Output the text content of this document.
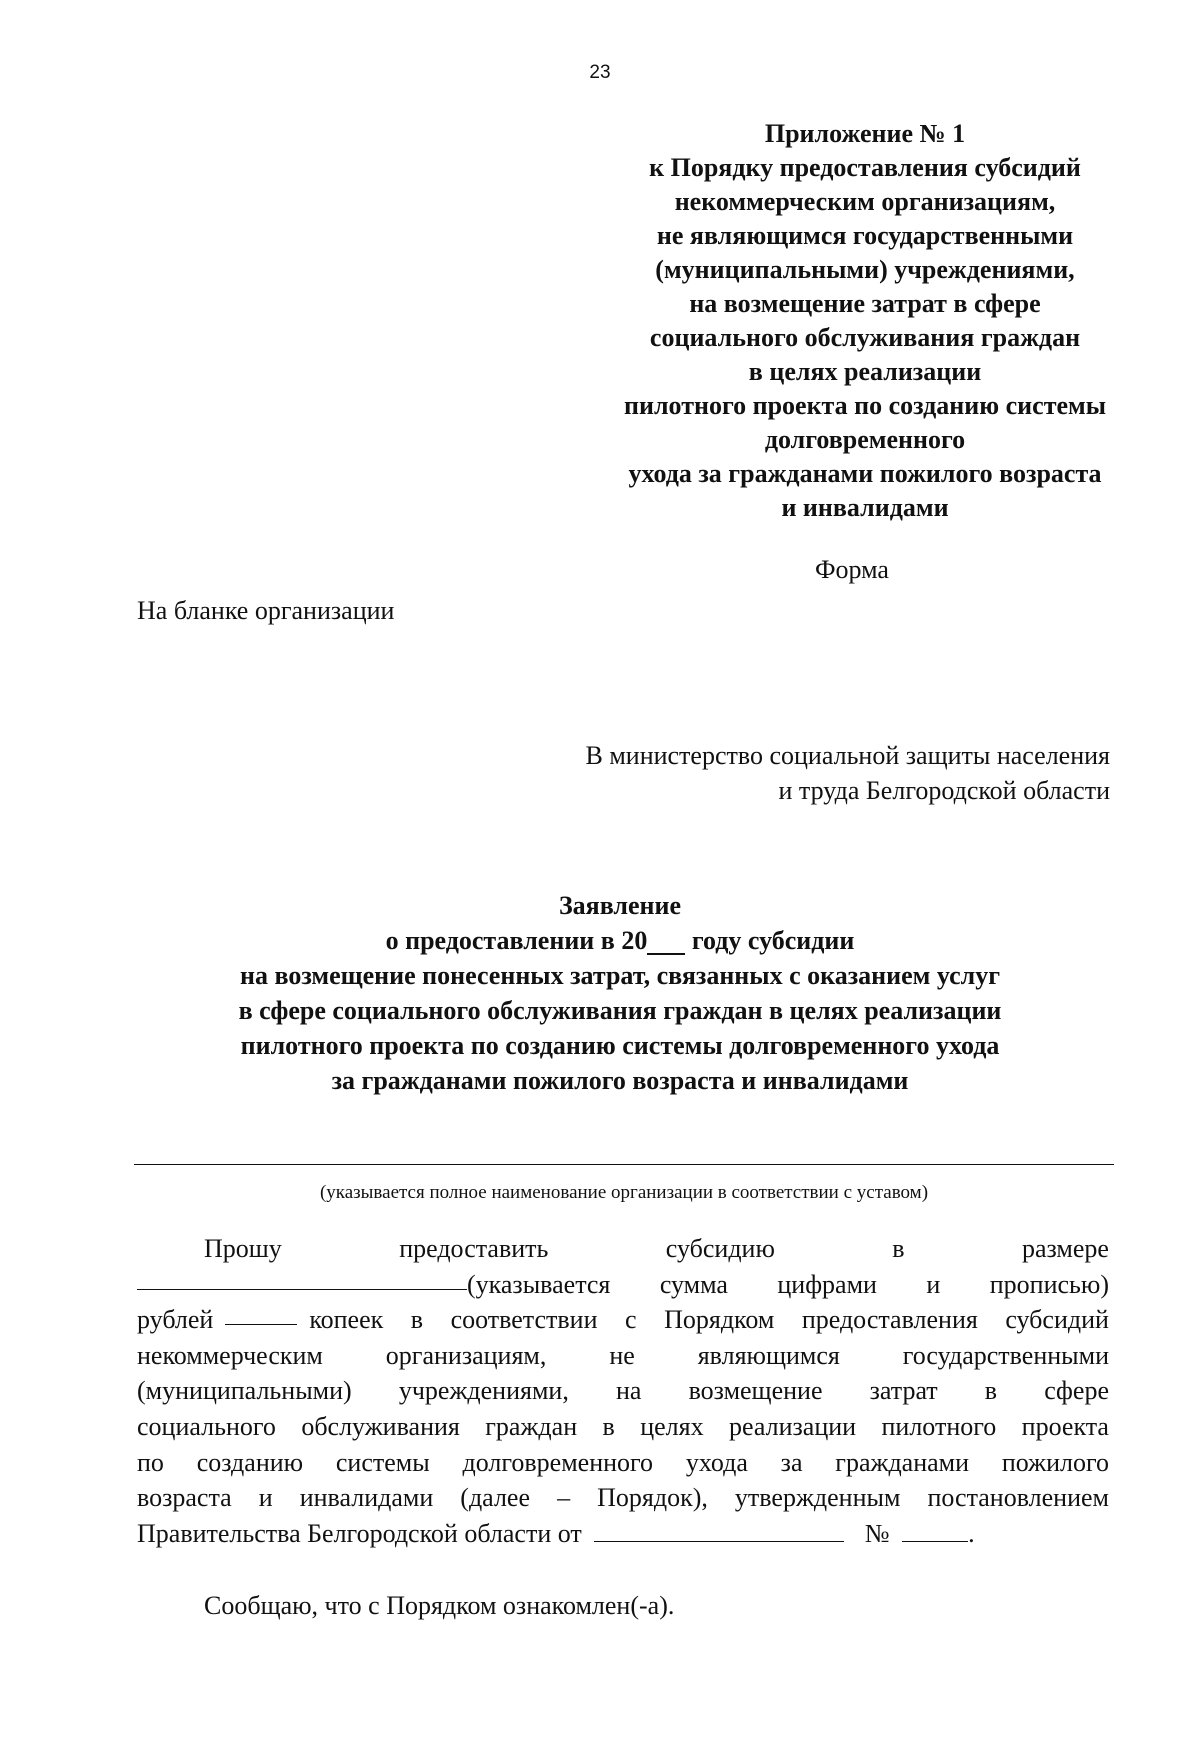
23
Приложение № 1
к Порядку предоставления субсидий
некоммерческим организациям,
не являющимся государственными
(муниципальными) учреждениями,
на возмещение затрат в сфере
социального обслуживания граждан
в целях реализации
пилотного проекта по созданию системы
долговременного
ухода за гражданами пожилого возраста
и инвалидами
Форма
На бланке организации
В министерство социальной защиты населения
и труда Белгородской области
Заявление
о предоставлении в 20  году субсидии
на возмещение понесенных затрат, связанных с оказанием услуг
в сфере социального обслуживания граждан в целях реализации
пилотного проекта по созданию системы долговременного ухода
за гражданами пожилого возраста и инвалидами
(указывается полное наименование организации в соответствии с уставом)
Прошу	предоставить	субсидию	в	размере
(указывается сумма цифрами и прописью)
рублей	копеек в соответствии с Порядком предоставления субсидий
некоммерческим организациям, не являющимся государственными
(муниципальными) учреждениями, на возмещение затрат в сфере
социального обслуживания граждан в целях реализации пилотного проекта
по созданию системы долговременного ухода за гражданами пожилого
возраста и инвалидами (далее – Порядок), утвержденным постановлением
Правительства Белгородской области от	№	.
Сообщаю, что с Порядком ознакомлен(-а).
